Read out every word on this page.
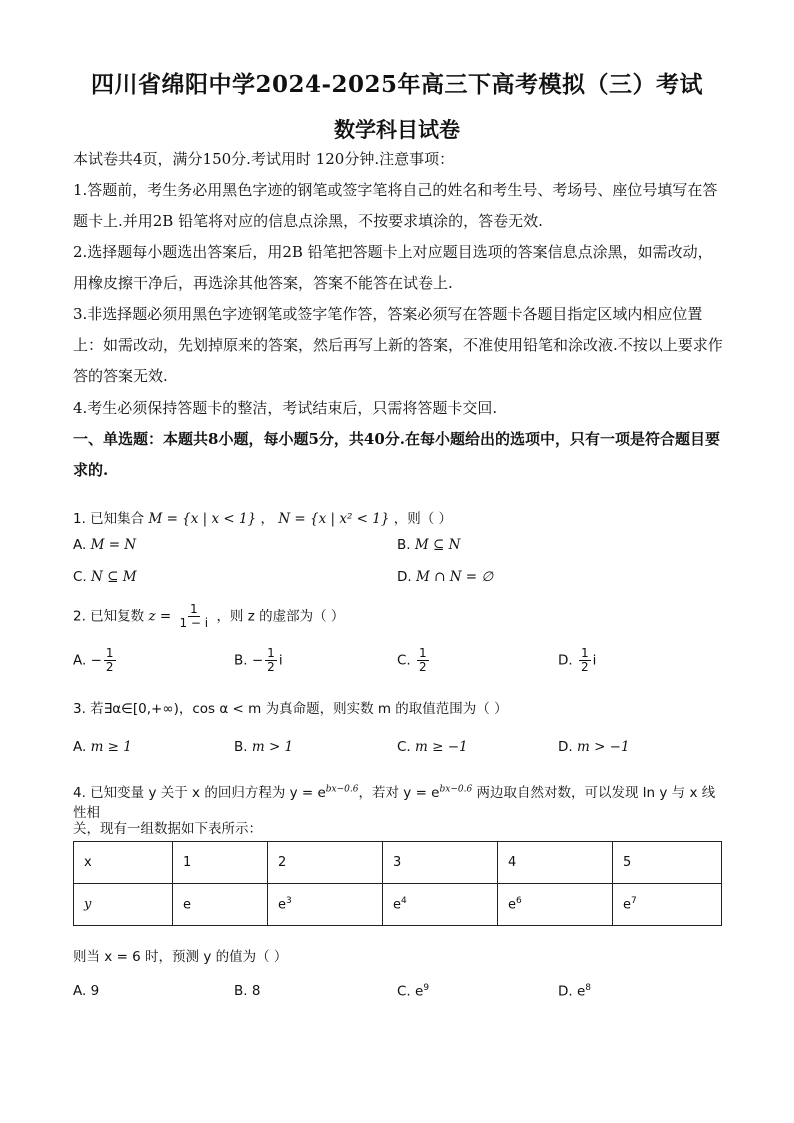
四川省绵阳中学2024-2025年高三下高考模拟（三）考试
数学科目试卷
本试卷共4页，满分150分.考试用时 120分钟.注意事项：
1.答题前，考生务必用黑色字迹的钢笔或签字笔将自己的姓名和考生号、考场号、座位号填写在答题卡上.并用2B 铅笔将对应的信息点涂黑，不按要求填涂的，答卷无效.
2.选择题每小题选出答案后，用2B 铅笔把答题卡上对应题目选项的答案信息点涂黑，如需改动，用橡皮擦干净后，再选涂其他答案，答案不能答在试卷上.
3.非选择题必须用黑色字迹钢笔或签字笔作答，答案必须写在答题卡各题目指定区域内相应位置上：如需改动，先划掉原来的答案，然后再写上新的答案，不准使用铅笔和涂改液.不按以上要求作答的答案无效.
4.考生必须保持答题卡的整洁，考试结束后，只需将答题卡交回.
一、单选题：本题共8小题，每小题5分，共40分.在每小题给出的选项中，只有一项是符合题目要求的.
1. 已知集合 M = {x | x < 1} ， N = {x | x² < 1} ，则（ ）
A. M = N	B. M ⊆ N
C. N ⊆ M	D. M ∩ N = ∅
2. 已知复数 $z = \frac{1}{1 - i}$ ，则 z 的虚部为（ ）
A. − $\frac{1}{2}$	B. − $\frac{1}{2}$ i	C. $\frac{1}{2}$	D. $\frac{1}{2}$ i
3. 若∃α∈[0,+∞)，cos α < m 为真命题，则实数 m 的取值范围为（ ）
A. m ≥ 1	B. m > 1	C. m ≥ −1	D. m > −1
4. 已知变量 y 关于 x 的回归方程为 $y = e^{bx-0.6}$，若对 $y = e^{bx-0.6}$ 两边取自然对数，可以发现 ln y 与 x 线性相
关，现有一组数据如下表所示：
x	1	2	3	4	5
y	e	$e^3$	$e^4$	$e^6$	$e^7$
则当 x = 6 时，预测 y 的值为（ ）
A. 9	B. 8	C. $e^9$	D. $e^8$
